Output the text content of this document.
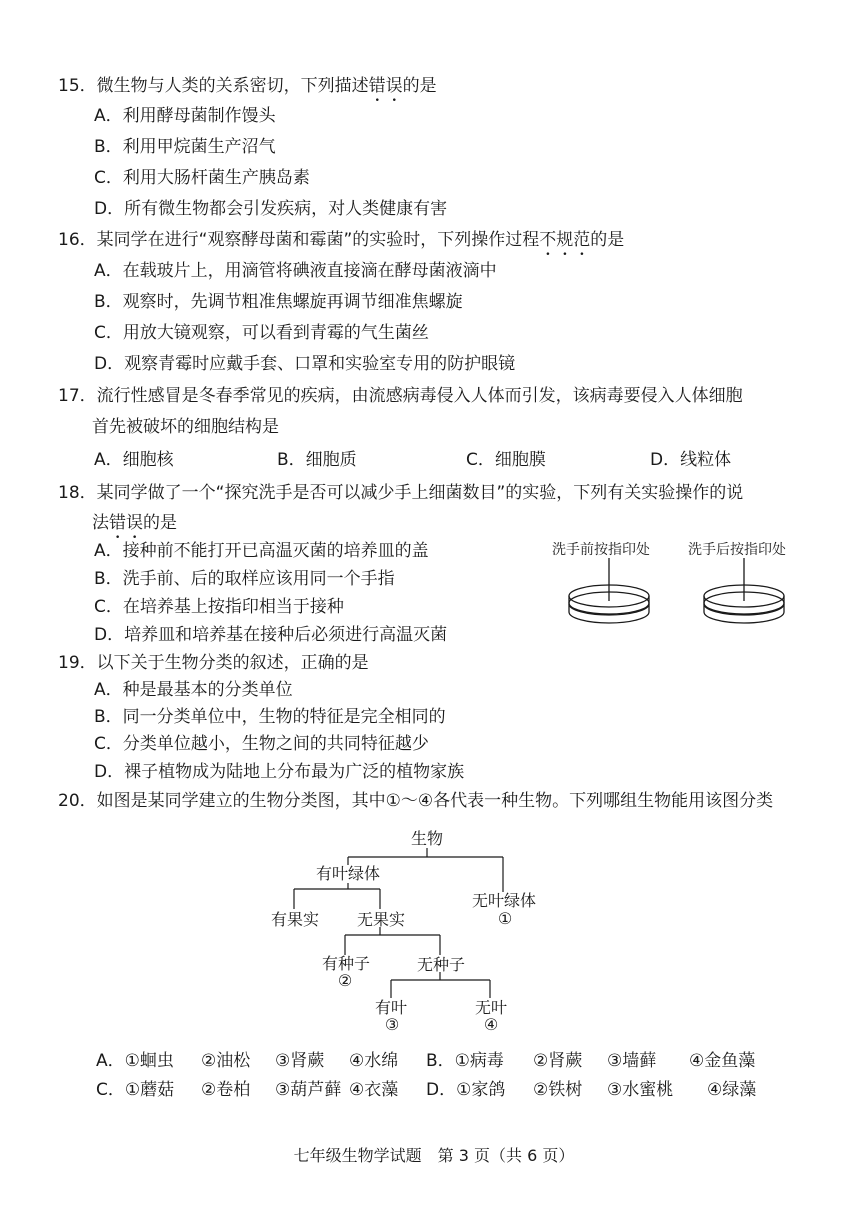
15．微生物与人类的关系密切，下列描述错误的是
A．利用酵母菌制作馒头
B．利用甲烷菌生产沼气
C．利用大肠杆菌生产胰岛素
D．所有微生物都会引发疾病，对人类健康有害
16．某同学在进行“观察酵母菌和霉菌”的实验时，下列操作过程不规范的是
A．在载玻片上，用滴管将碘液直接滴在酵母菌液滴中
B．观察时，先调节粗准焦螺旋再调节细准焦螺旋
C．用放大镜观察，可以看到青霉的气生菌丝
D．观察青霉时应戴手套、口罩和实验室专用的防护眼镜
17．流行性感冒是冬春季常见的疾病，由流感病毒侵入人体而引发，该病毒要侵入人体细胞
首先被破坏的细胞结构是
A．细胞核	B．细胞质	C．细胞膜	D．线粒体
18．某同学做了一个“探究洗手是否可以减少手上细菌数目”的实验，下列有关实验操作的说
法错误的是
A．接种前不能打开已高温灭菌的培养皿的盖
B．洗手前、后的取样应该用同一个手指
C．在培养基上按指印相当于接种
D．培养皿和培养基在接种后必须进行高温灭菌
洗手前按指印处	洗手后按指印处
19．以下关于生物分类的叙述，正确的是
A．种是最基本的分类单位
B．同一分类单位中，生物的特征是完全相同的
C．分类单位越小，生物之间的共同特征越少
D．裸子植物成为陆地上分布最为广泛的植物家族
20．如图是某同学建立的生物分类图，其中①～④各代表一种生物。下列哪组生物能用该图分类
生物
有叶绿体
无叶绿体
①
有果实	无果实
有种子
②
无种子
有叶
③
无叶
④
A．①蛔虫 ②油松 ③肾蕨 ④水绵 B．①病毒 ②肾蕨 ③墙藓 ④金鱼藻
C．①蘑菇 ②卷柏 ③葫芦藓 ④衣藻 D．①家鸽 ②铁树 ③水蜜桃 ④绿藻
七年级生物学试题　第 3 页（共 6 页）
